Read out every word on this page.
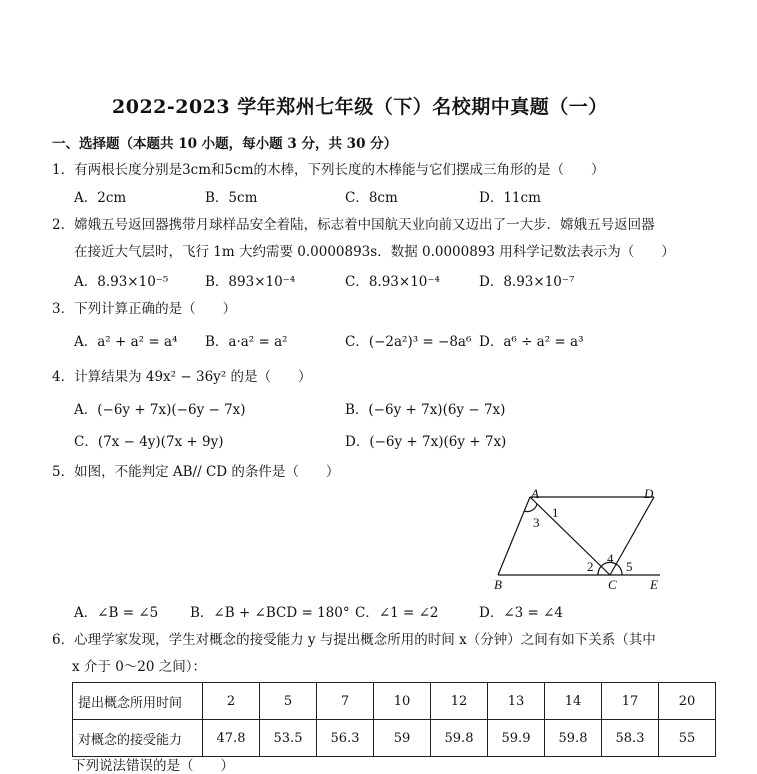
2022-2023 学年郑州七年级（下）名校期中真题（一）
一、选择题（本题共 10 小题，每小题 3 分，共 30 分）
1．有两根长度分别是3cm和5cm的木棒，下列长度的木棒能与它们摆成三角形的是（　　）
A．2cm	B．5cm	C．8cm	D．11cm
2．嫦娥五号返回器携带月球样品安全着陆，标志着中国航天业向前又迈出了一大步．嫦娥五号返回器
在接近大气层时，飞行 1m 大约需要 0.0000893s．数据 0.0000893 用科学记数法表示为（　　）
A．8.93×10⁻⁵	B．893×10⁻⁴	C．8.93×10⁻⁴	D．8.93×10⁻⁷
3．下列计算正确的是（　　）
A．a² + a² = a⁴ B．a·a² = a²	C．(−2a²)³ = −8a⁶ D．a⁶ ÷ a² = a³
4．计算结果为 49x² − 36y² 的是（　　）
A．(−6y + 7x)(−6y − 7x)	B．(−6y + 7x)(6y − 7x)
C．(7x − 4y)(7x + 9y)	D．(−6y + 7x)(6y + 7x)
5．如图，不能判定 AB// CD 的条件是（　　）
A	D
B	C	E
1
2
3
4
5
A．∠B = ∠5 B．∠B + ∠BCD = 180° C．∠1 = ∠2	D．∠3 = ∠4
6．心理学家发现，学生对概念的接受能力 y 与提出概念所用的时间 x（分钟）之间有如下关系（其中
x 介于 0～20 之间）：
提出概念所用时间	2	5	7	10	12	13	14	17	20
对概念的接受能力	47.8	53.5	56.3	59	59.8	59.9	59.8	58.3	55
下列说法错误的是（　　）
